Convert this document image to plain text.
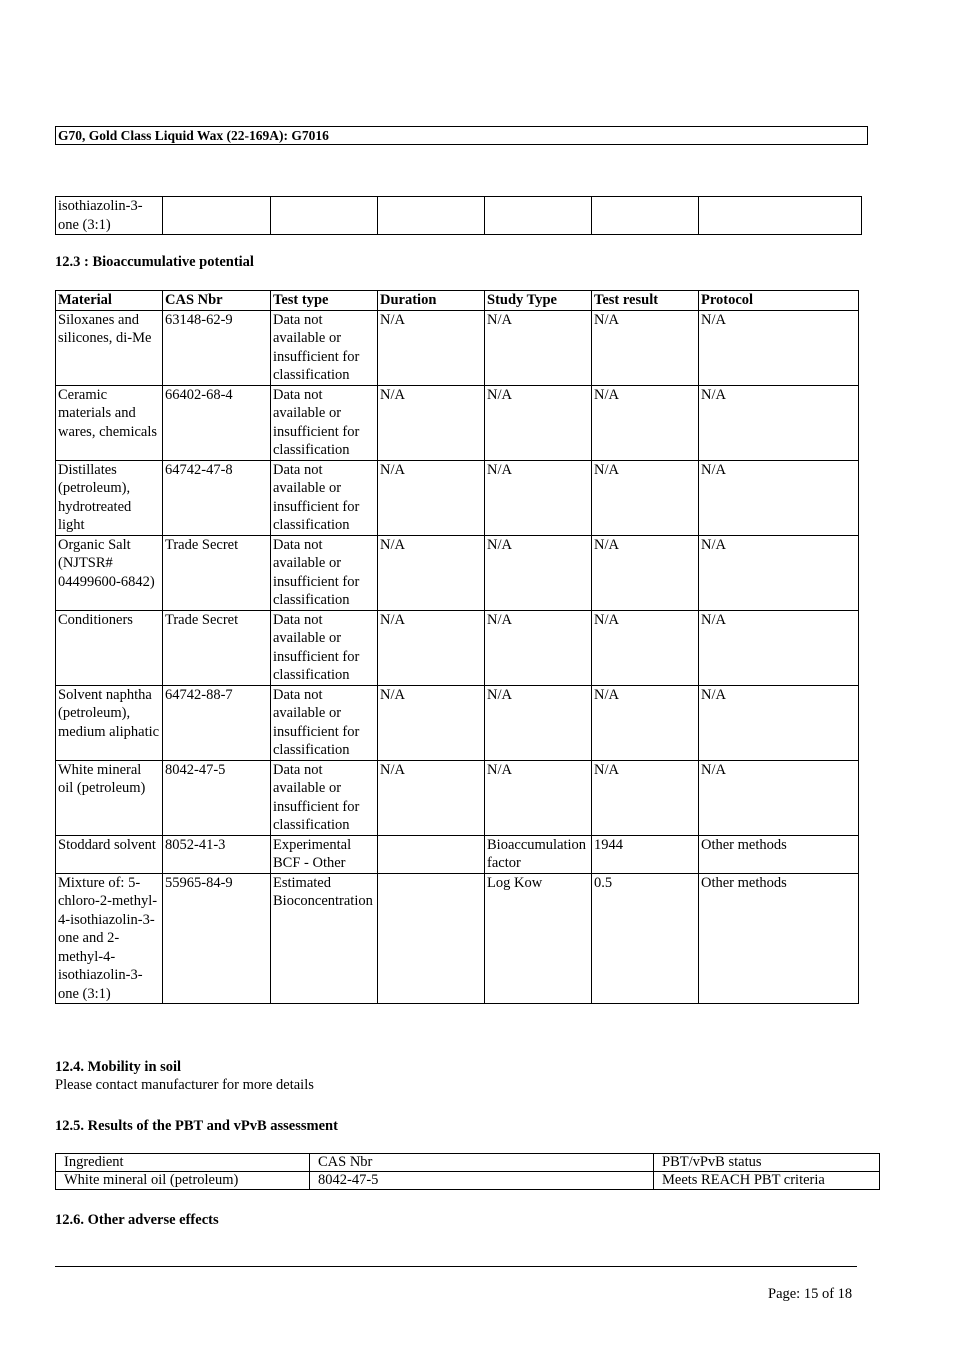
G70, Gold Class Liquid Wax (22-169A): G7016
isothiazolin-3-one (3:1)						
12.3 : Bioaccumulative potential
Material	CAS Nbr	Test type	Duration	Study Type	Test result	Protocol
Siloxanes and silicones, di-Me	63148-62-9	Data not available or insufficient for classification	N/A	N/A	N/A	N/A
Ceramic materials and wares, chemicals	66402-68-4	Data not available or insufficient for classification	N/A	N/A	N/A	N/A
Distillates (petroleum), hydrotreated light	64742-47-8	Data not available or insufficient for classification	N/A	N/A	N/A	N/A
Organic Salt (NJTSR# 04499600-6842)	Trade Secret	Data not available or insufficient for classification	N/A	N/A	N/A	N/A
Conditioners	Trade Secret	Data not available or insufficient for classification	N/A	N/A	N/A	N/A
Solvent naphtha (petroleum), medium aliphatic	64742-88-7	Data not available or insufficient for classification	N/A	N/A	N/A	N/A
White mineral oil (petroleum)	8042-47-5	Data not available or insufficient for classification	N/A	N/A	N/A	N/A
Stoddard solvent	8052-41-3	Experimental BCF - Other		Bioaccumulation factor	1944	Other methods
Mixture of: 5-chloro-2-methyl-4-isothiazolin-3-one and 2-methyl-4-isothiazolin-3-one (3:1)	55965-84-9	Estimated Bioconcentration		Log Kow	0.5	Other methods
12.4. Mobility in soil
Please contact manufacturer for more details
12.5. Results of the PBT and vPvB assessment
Ingredient	CAS Nbr	PBT/vPvB status
White mineral oil (petroleum)	8042-47-5	Meets REACH PBT criteria
12.6. Other adverse effects
Page: 15 of 18
